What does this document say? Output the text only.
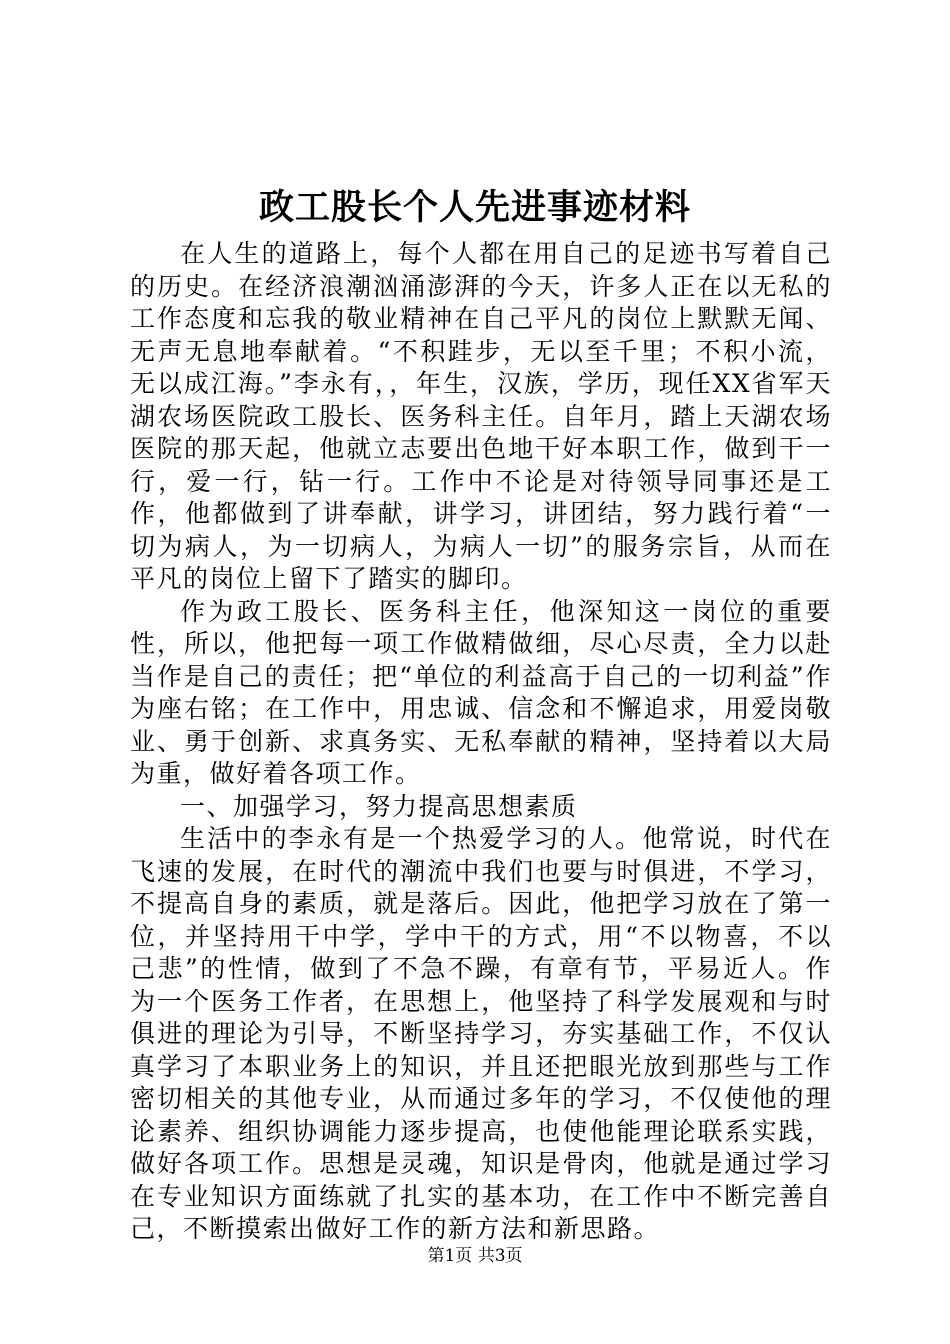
政工股长个人先进事迹材料

在人生的道路上，每个人都在用自己的足迹书写着自己的历史。在经济浪潮汹涌澎湃的今天，许多人正在以无私的工作态度和忘我的敬业精神在自己平凡的岗位上默默无闻、无声无息地奉献着。“不积跬步，无以至千里；不积小流，无以成江海。”李永有，，年生，汉族，学历，现任XX省军天湖农场医院政工股长、医务科主任。自年月，踏上天湖农场医院的那天起，他就立志要出色地干好本职工作，做到干一行，爱一行，钻一行。工作中不论是对待领导同事还是工作，他都做到了讲奉献，讲学习，讲团结，努力践行着“一切为病人，为一切病人，为病人一切”的服务宗旨，从而在平凡的岗位上留下了踏实的脚印。

作为政工股长、医务科主任，他深知这一岗位的重要性，所以，他把每一项工作做精做细，尽心尽责，全力以赴当作是自己的责任；把“单位的利益高于自己的一切利益”作为座右铭；在工作中，用忠诚、信念和不懈追求，用爱岗敬业、勇于创新、求真务实、无私奉献的精神，坚持着以大局为重，做好着各项工作。

一、加强学习，努力提高思想素质

生活中的李永有是一个热爱学习的人。他常说，时代在飞速的发展，在时代的潮流中我们也要与时俱进，不学习，不提高自身的素质，就是落后。因此，他把学习放在了第一位，并坚持用干中学，学中干的方式，用“不以物喜，不以己悲”的性情，做到了不急不躁，有章有节，平易近人。作为一个医务工作者，在思想上，他坚持了科学发展观和与时俱进的理论为引导，不断坚持学习，夯实基础工作，不仅认真学习了本职业务上的知识，并且还把眼光放到那些与工作密切相关的其他专业，从而通过多年的学习，不仅使他的理论素养、组织协调能力逐步提高，也使他能理论联系实践，做好各项工作。思想是灵魂，知识是骨肉，他就是通过学习在专业知识方面练就了扎实的基本功，在工作中不断完善自己，不断摸索出做好工作的新方法和新思路。

第1页 共3页
